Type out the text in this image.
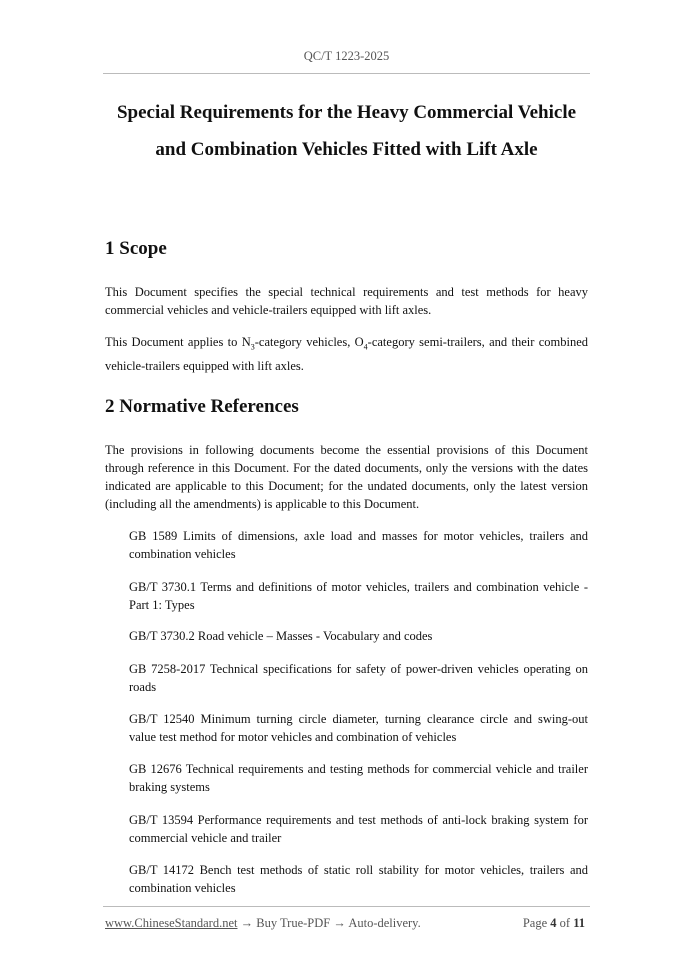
QC/T 1223-2025
Special Requirements for the Heavy Commercial Vehicle
and Combination Vehicles Fitted with Lift Axle
1 Scope
This Document specifies the special technical requirements and test methods for heavy commercial vehicles and vehicle-trailers equipped with lift axles.
This Document applies to $N_3$-category vehicles, $O_4$-category semi-trailers, and their combined vehicle-trailers equipped with lift axles.
2 Normative References
The provisions in following documents become the essential provisions of this Document through reference in this Document. For the dated documents, only the versions with the dates indicated are applicable to this Document; for the undated documents, only the latest version (including all the amendments) is applicable to this Document.
GB 1589 Limits of dimensions, axle load and masses for motor vehicles, trailers and combination vehicles
GB/T 3730.1 Terms and definitions of motor vehicles, trailers and combination vehicle - Part 1: Types
GB/T 3730.2 Road vehicle – Masses - Vocabulary and codes
GB 7258-2017 Technical specifications for safety of power-driven vehicles operating on roads
GB/T 12540 Minimum turning circle diameter, turning clearance circle and swing-out value test method for motor vehicles and combination of vehicles
GB 12676 Technical requirements and testing methods for commercial vehicle and trailer braking systems
GB/T 13594 Performance requirements and test methods of anti-lock braking system for commercial vehicle and trailer
GB/T 14172 Bench test methods of static roll stability for motor vehicles, trailers and combination vehicles
www.ChineseStandard.net → Buy True-PDF → Auto-delivery.	Page 4 of 11
